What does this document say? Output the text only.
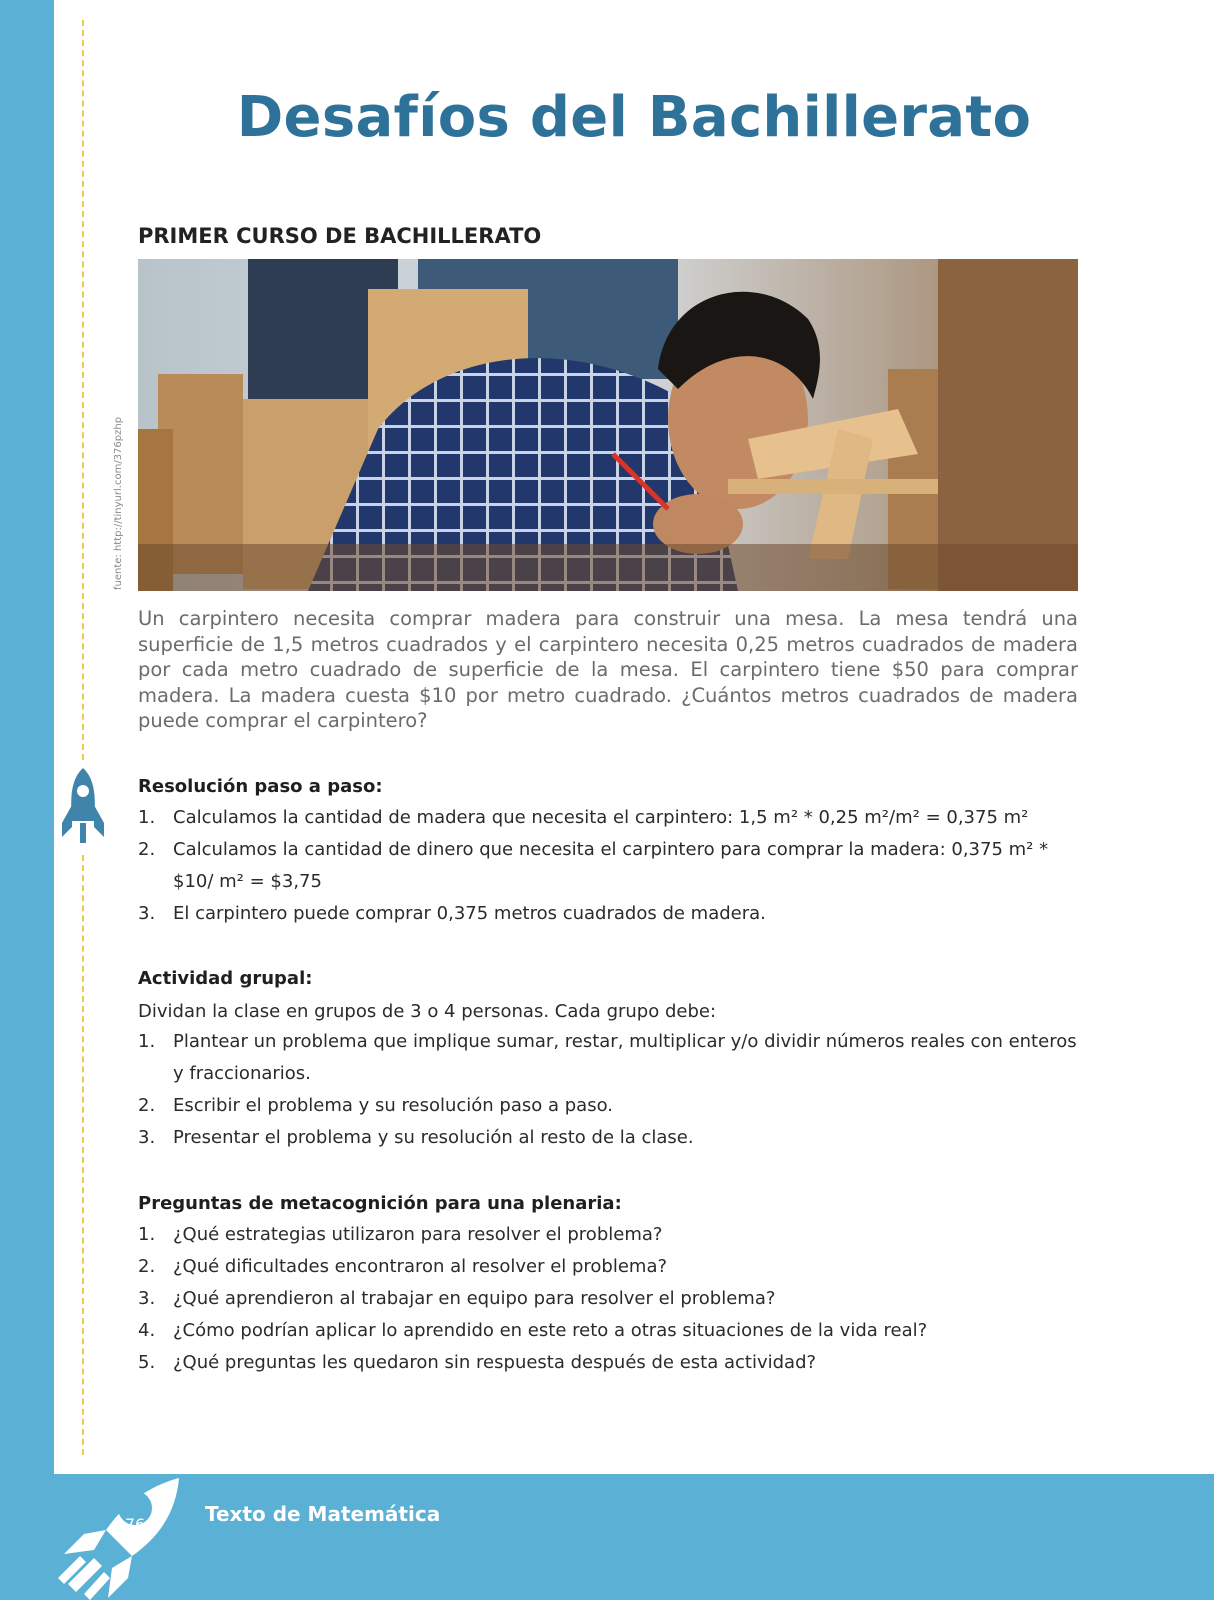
Desafíos del Bachillerato
PRIMER CURSO DE BACHILLERATO
fuente: http://tinyurl.com/376pzhp

Un carpintero necesita comprar madera para construir una mesa. La mesa tendrá una superficie de 1,5 metros cuadrados y el carpintero necesita 0,25 metros cuadrados de madera por cada metro cuadrado de superficie de la mesa. El carpintero tiene $50 para comprar madera. La madera cuesta $10 por metro cuadrado. ¿Cuántos metros cuadrados de madera puede comprar el carpintero?

Resolución paso a paso:
1. Calculamos la cantidad de madera que necesita el carpintero: 1,5 m² * 0,25 m²/m² = 0,375 m²
2. Calculamos la cantidad de dinero que necesita el carpintero para comprar la madera: 0,375 m² * $10/ m² = $3,75
3. El carpintero puede comprar 0,375 metros cuadrados de madera.
Actividad grupal:

Dividan la clase en grupos de 3 o 4 personas. Cada grupo debe:

1. Plantear un problema que implique sumar, restar, multiplicar y/o dividir números reales con enteros y fraccionarios.
2. Escribir el problema y su resolución paso a paso.
3. Presentar el problema y su resolución al resto de la clase.
Preguntas de metacognición para una plenaria:
1. ¿Qué estrategias utilizaron para resolver el problema?
2. ¿Qué dificultades encontraron al resolver el problema?
3. ¿Qué aprendieron al trabajar en equipo para resolver el problema?
4. ¿Cómo podrían aplicar lo aprendido en este reto a otras situaciones de la vida real?
5. ¿Qué preguntas les quedaron sin respuesta después de esta actividad?
76	Texto de Matemática
